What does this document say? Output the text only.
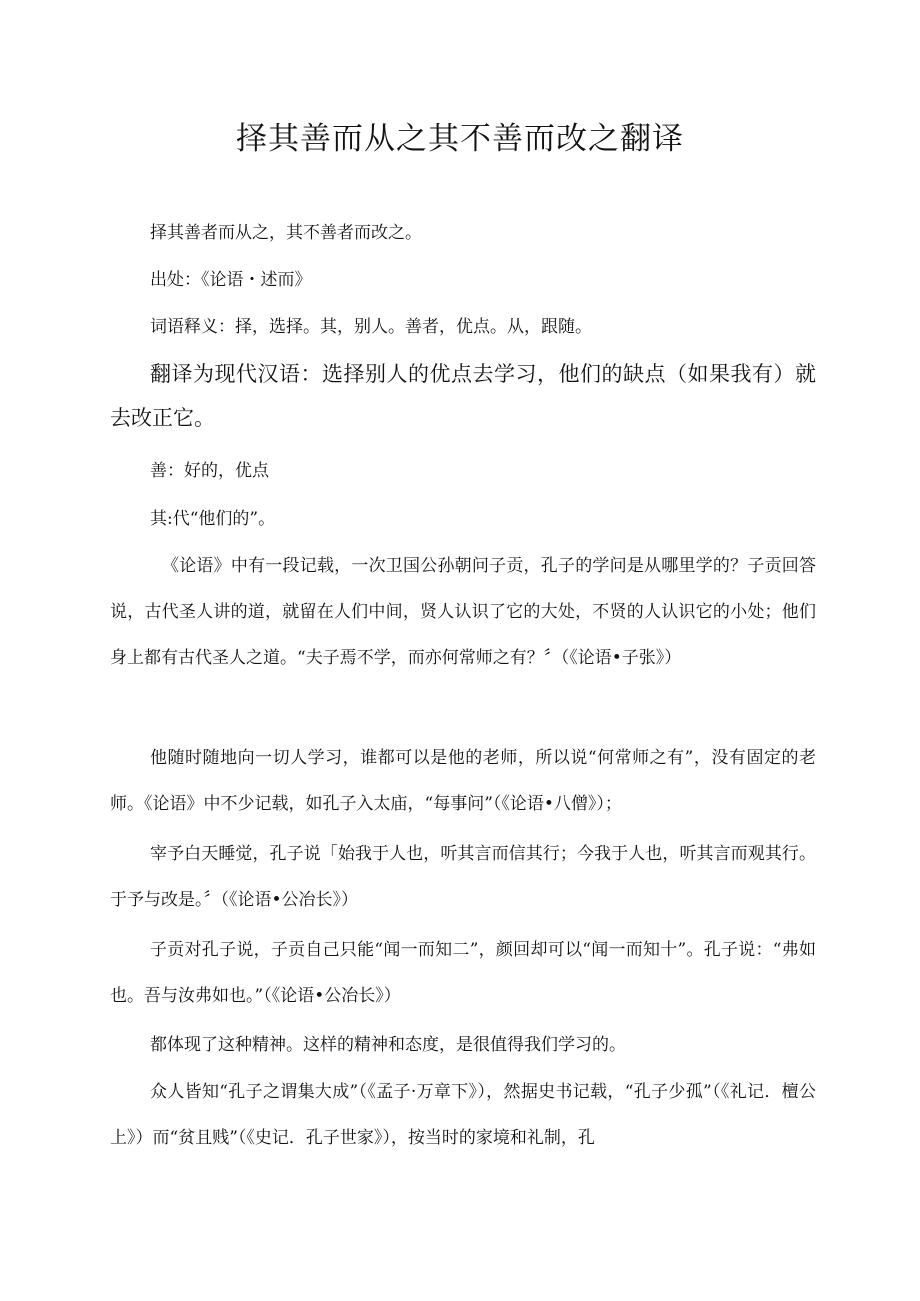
择其善而从之其不善而改之翻译

择其善者而从之，其不善者而改之。

出处：《论语・述而》

词语释义：择，选择。其，别人。善者，优点。从，跟随。

翻译为现代汉语：选择别人的优点去学习，他们的缺点（如果我有）就去改正它。

善：好的，优点

其:代“他们的”。

《论语》中有一段记载，一次卫国公孙朝问子贡，孔子的学问是从哪里学的？子贡回答说，古代圣人讲的道，就留在人们中间，贤人认识了它的大处，不贤的人认识它的小处；他们身上都有古代圣人之道。“夫子焉不学，而亦何常师之有？〞（《论语•子张》）

他随时随地向一切人学习，谁都可以是他的老师，所以说“何常师之有”，没有固定的老师。《论语》中不少记载，如孔子入太庙，“每事问”（《论语•八僧》）；

宰予白天睡觉，孔子说「始我于人也，听其言而信其行；今我于人也，听其言而观其行。于予与改是。〞（《论语•公冶长》）

子贡对孔子说，子贡自己只能“闻一而知二”，颜回却可以“闻一而知十”。孔子说：“弗如也。吾与汝弗如也。”（《论语•公冶长》）

都体现了这种精神。这样的精神和态度，是很值得我们学习的。

众人皆知“孔子之谓集大成”（《孟子·万章下》），然据史书记载，“孔子少孤”（《礼记．檀公上》）而“贫且贱”（《史记．孔子世家》），按当时的家境和礼制，孔
